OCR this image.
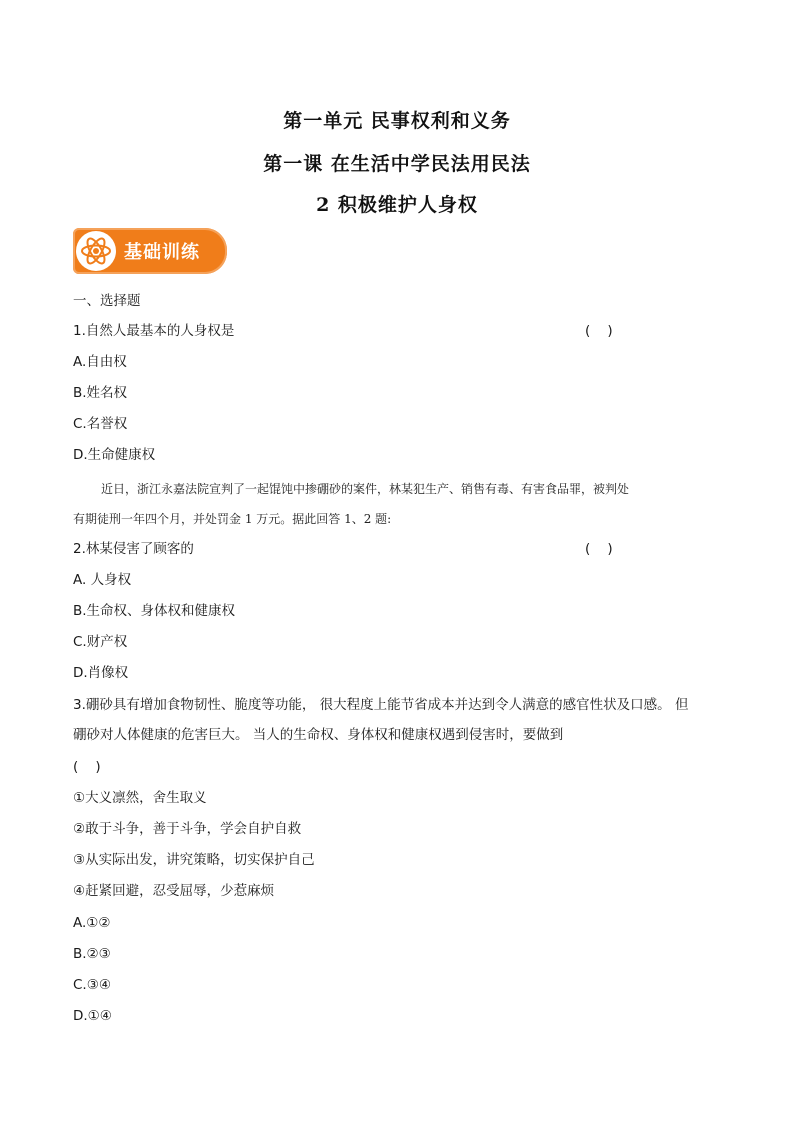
第一单元 民事权利和义务
第一课 在生活中学民法用民法
2 积极维护人身权
基础训练
一、选择题
1.自然人最基本的人身权是	(    )
A.自由权
B.姓名权
C.名誉权
D.生命健康权
近日，浙江永嘉法院宣判了一起馄饨中掺硼砂的案件，林某犯生产、销售有毒、有害食品罪，被判处
有期徒刑一年四个月，并处罚金 1 万元。据此回答 1、2 题:
2.林某侵害了顾客的	(    )
A. 人身权
B.生命权、身体权和健康权
C.财产权
D.肖像权
3.硼砂具有增加食物韧性、脆度等功能， 很大程度上能节省成本并达到令人满意的感官性状及口感。 但
硼砂对人体健康的危害巨大。 当人的生命权、身体权和健康权遇到侵害时，要做到
(    )
①大义凛然，舍生取义
②敢于斗争，善于斗争，学会自护自救
③从实际出发，讲究策略，切实保护自己
④赶紧回避，忍受屈辱，少惹麻烦
A.①②
B.②③
C.③④
D.①④
